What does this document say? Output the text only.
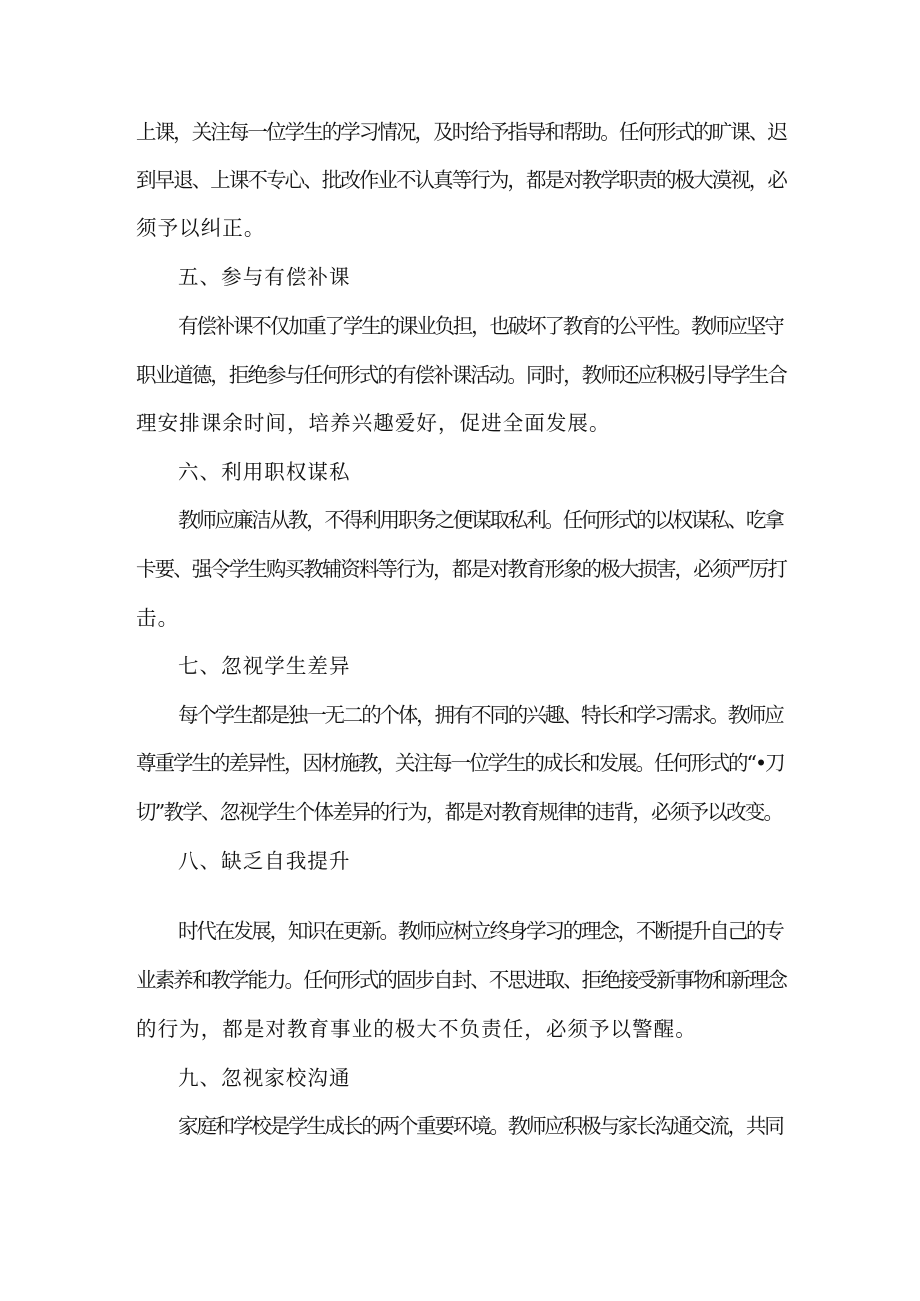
上课，关注每一位学生的学习情况，及时给予指导和帮助。任何形式的旷课、迟
到早退、上课不专心、批改作业不认真等行为，都是对教学职责的极大漠视，必
须予以纠正。
五、参与有偿补课
有偿补课不仅加重了学生的课业负担，也破坏了教育的公平性。教师应坚守
职业道德，拒绝参与任何形式的有偿补课活动。同时，教师还应积极引导学生合
理安排课余时间，培养兴趣爱好，促进全面发展。
六、利用职权谋私
教师应廉洁从教，不得利用职务之便谋取私利。任何形式的以权谋私、吃拿
卡要、强令学生购买教辅资料等行为，都是对教育形象的极大损害，必须严厉打
击。
七、忽视学生差异
每个学生都是独一无二的个体，拥有不同的兴趣、特长和学习需求。教师应
尊重学生的差异性，因材施教，关注每一位学生的成长和发展。任何形式的“•刀
切”教学、忽视学生个体差异的行为，都是对教育规律的违背，必须予以改变。
八、缺乏自我提升
时代在发展，知识在更新。教师应树立终身学习的理念，不断提升自己的专
业素养和教学能力。任何形式的固步自封、不思进取、拒绝接受新事物和新理念
的行为，都是对教育事业的极大不负责任，必须予以警醒。
九、忽视家校沟通
家庭和学校是学生成长的两个重要环境。教师应积极与家长沟通交流，共同
